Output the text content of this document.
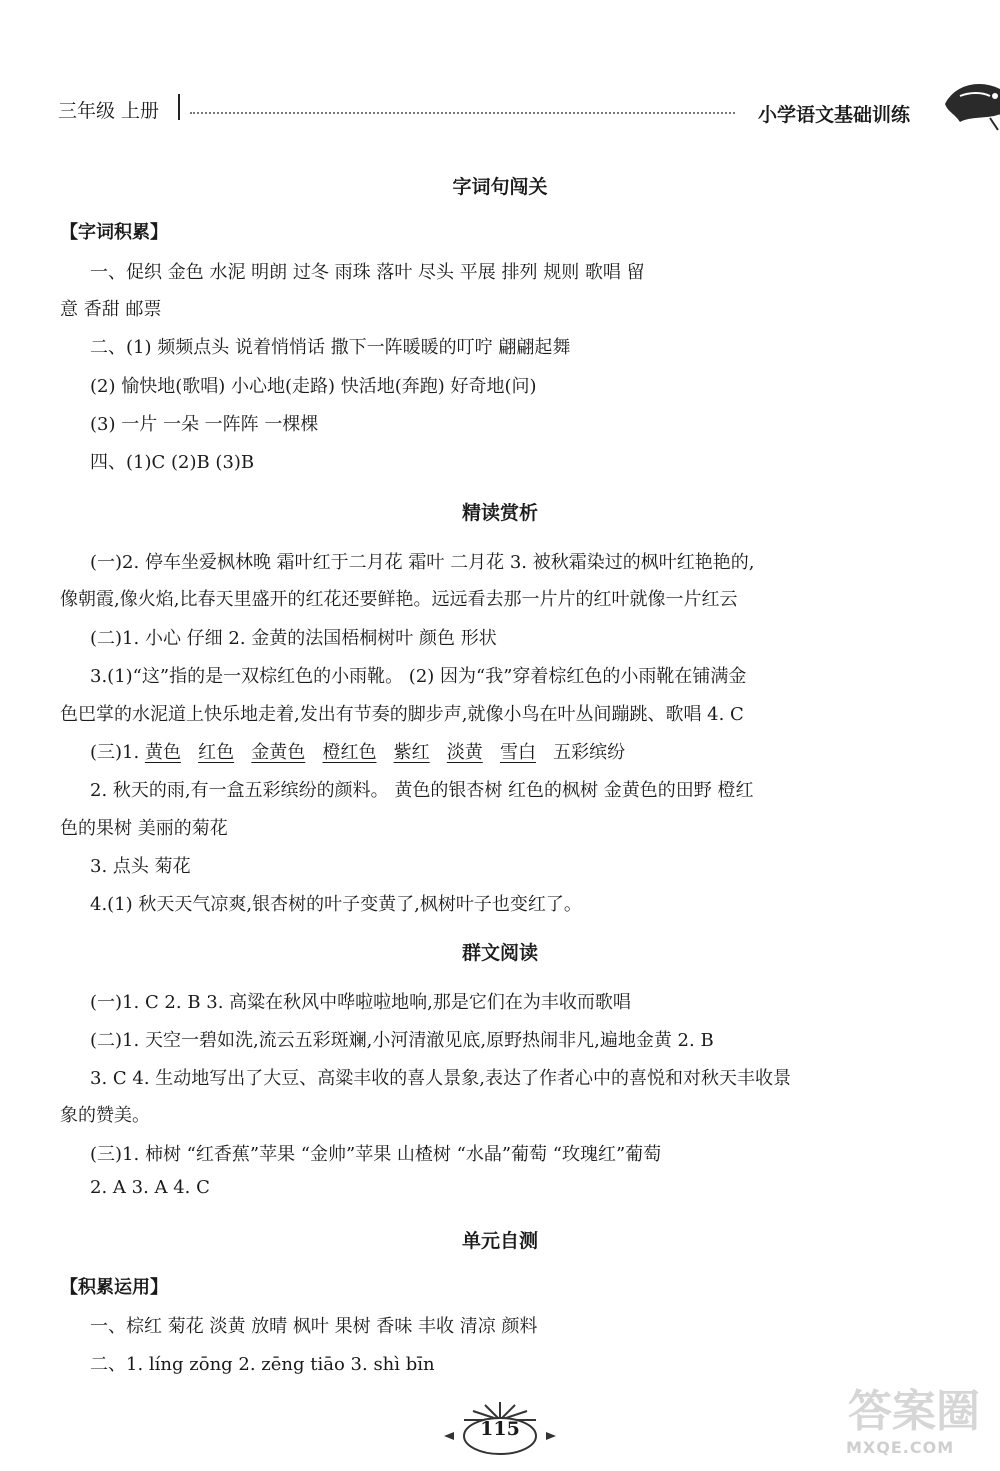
三年级 上册	小学语文基础训练
字词句闯关
【字词积累】
一、促织 金色 水泥 明朗 过冬 雨珠 落叶 尽头 平展 排列 规则 歌唱 留
意 香甜 邮票
二、(1) 频频点头 说着悄悄话 撒下一阵暖暖的叮咛 翩翩起舞
(2) 愉快地(歌唱) 小心地(走路) 快活地(奔跑) 好奇地(问)
(3) 一片 一朵 一阵阵 一棵棵
四、(1)C (2)B (3)B
精读赏析
(一)2. 停车坐爱枫林晚 霜叶红于二月花 霜叶 二月花 3. 被秋霜染过的枫叶红艳艳的,
像朝霞,像火焰,比春天里盛开的红花还要鲜艳。远远看去那一片片的红叶就像一片红云
(二)1. 小心 仔细 2. 金黄的法国梧桐树叶 颜色 形状
3.(1)“这”指的是一双棕红色的小雨靴。 (2) 因为“我”穿着棕红色的小雨靴在铺满金
色巴掌的水泥道上快乐地走着,发出有节奏的脚步声,就像小鸟在叶丛间蹦跳、歌唱 4. C
(三)1. 黄色 红色 金黄色 橙红色 紫红 淡黄 雪白 五彩缤纷
2. 秋天的雨,有一盒五彩缤纷的颜料。 黄色的银杏树 红色的枫树 金黄色的田野 橙红
色的果树 美丽的菊花
3. 点头 菊花
4.(1) 秋天天气凉爽,银杏树的叶子变黄了,枫树叶子也变红了。
群文阅读
(一)1. C 2. B 3. 高粱在秋风中哗啦啦地响,那是它们在为丰收而歌唱
(二)1. 天空一碧如洗,流云五彩斑斓,小河清澈见底,原野热闹非凡,遍地金黄 2. B
3. C 4. 生动地写出了大豆、高粱丰收的喜人景象,表达了作者心中的喜悦和对秋天丰收景
象的赞美。
(三)1. 柿树 “红香蕉”苹果 “金帅”苹果 山楂树 “水晶”葡萄 “玫瑰红”葡萄
2. A 3. A 4. C
单元自测
【积累运用】
一、棕红 菊花 淡黄 放晴 枫叶 果树 香味 丰收 清凉 颜料
二、1. líng zōng 2. zēng tiāo 3. shì bīn
115	答案圈
MXQE.COM
